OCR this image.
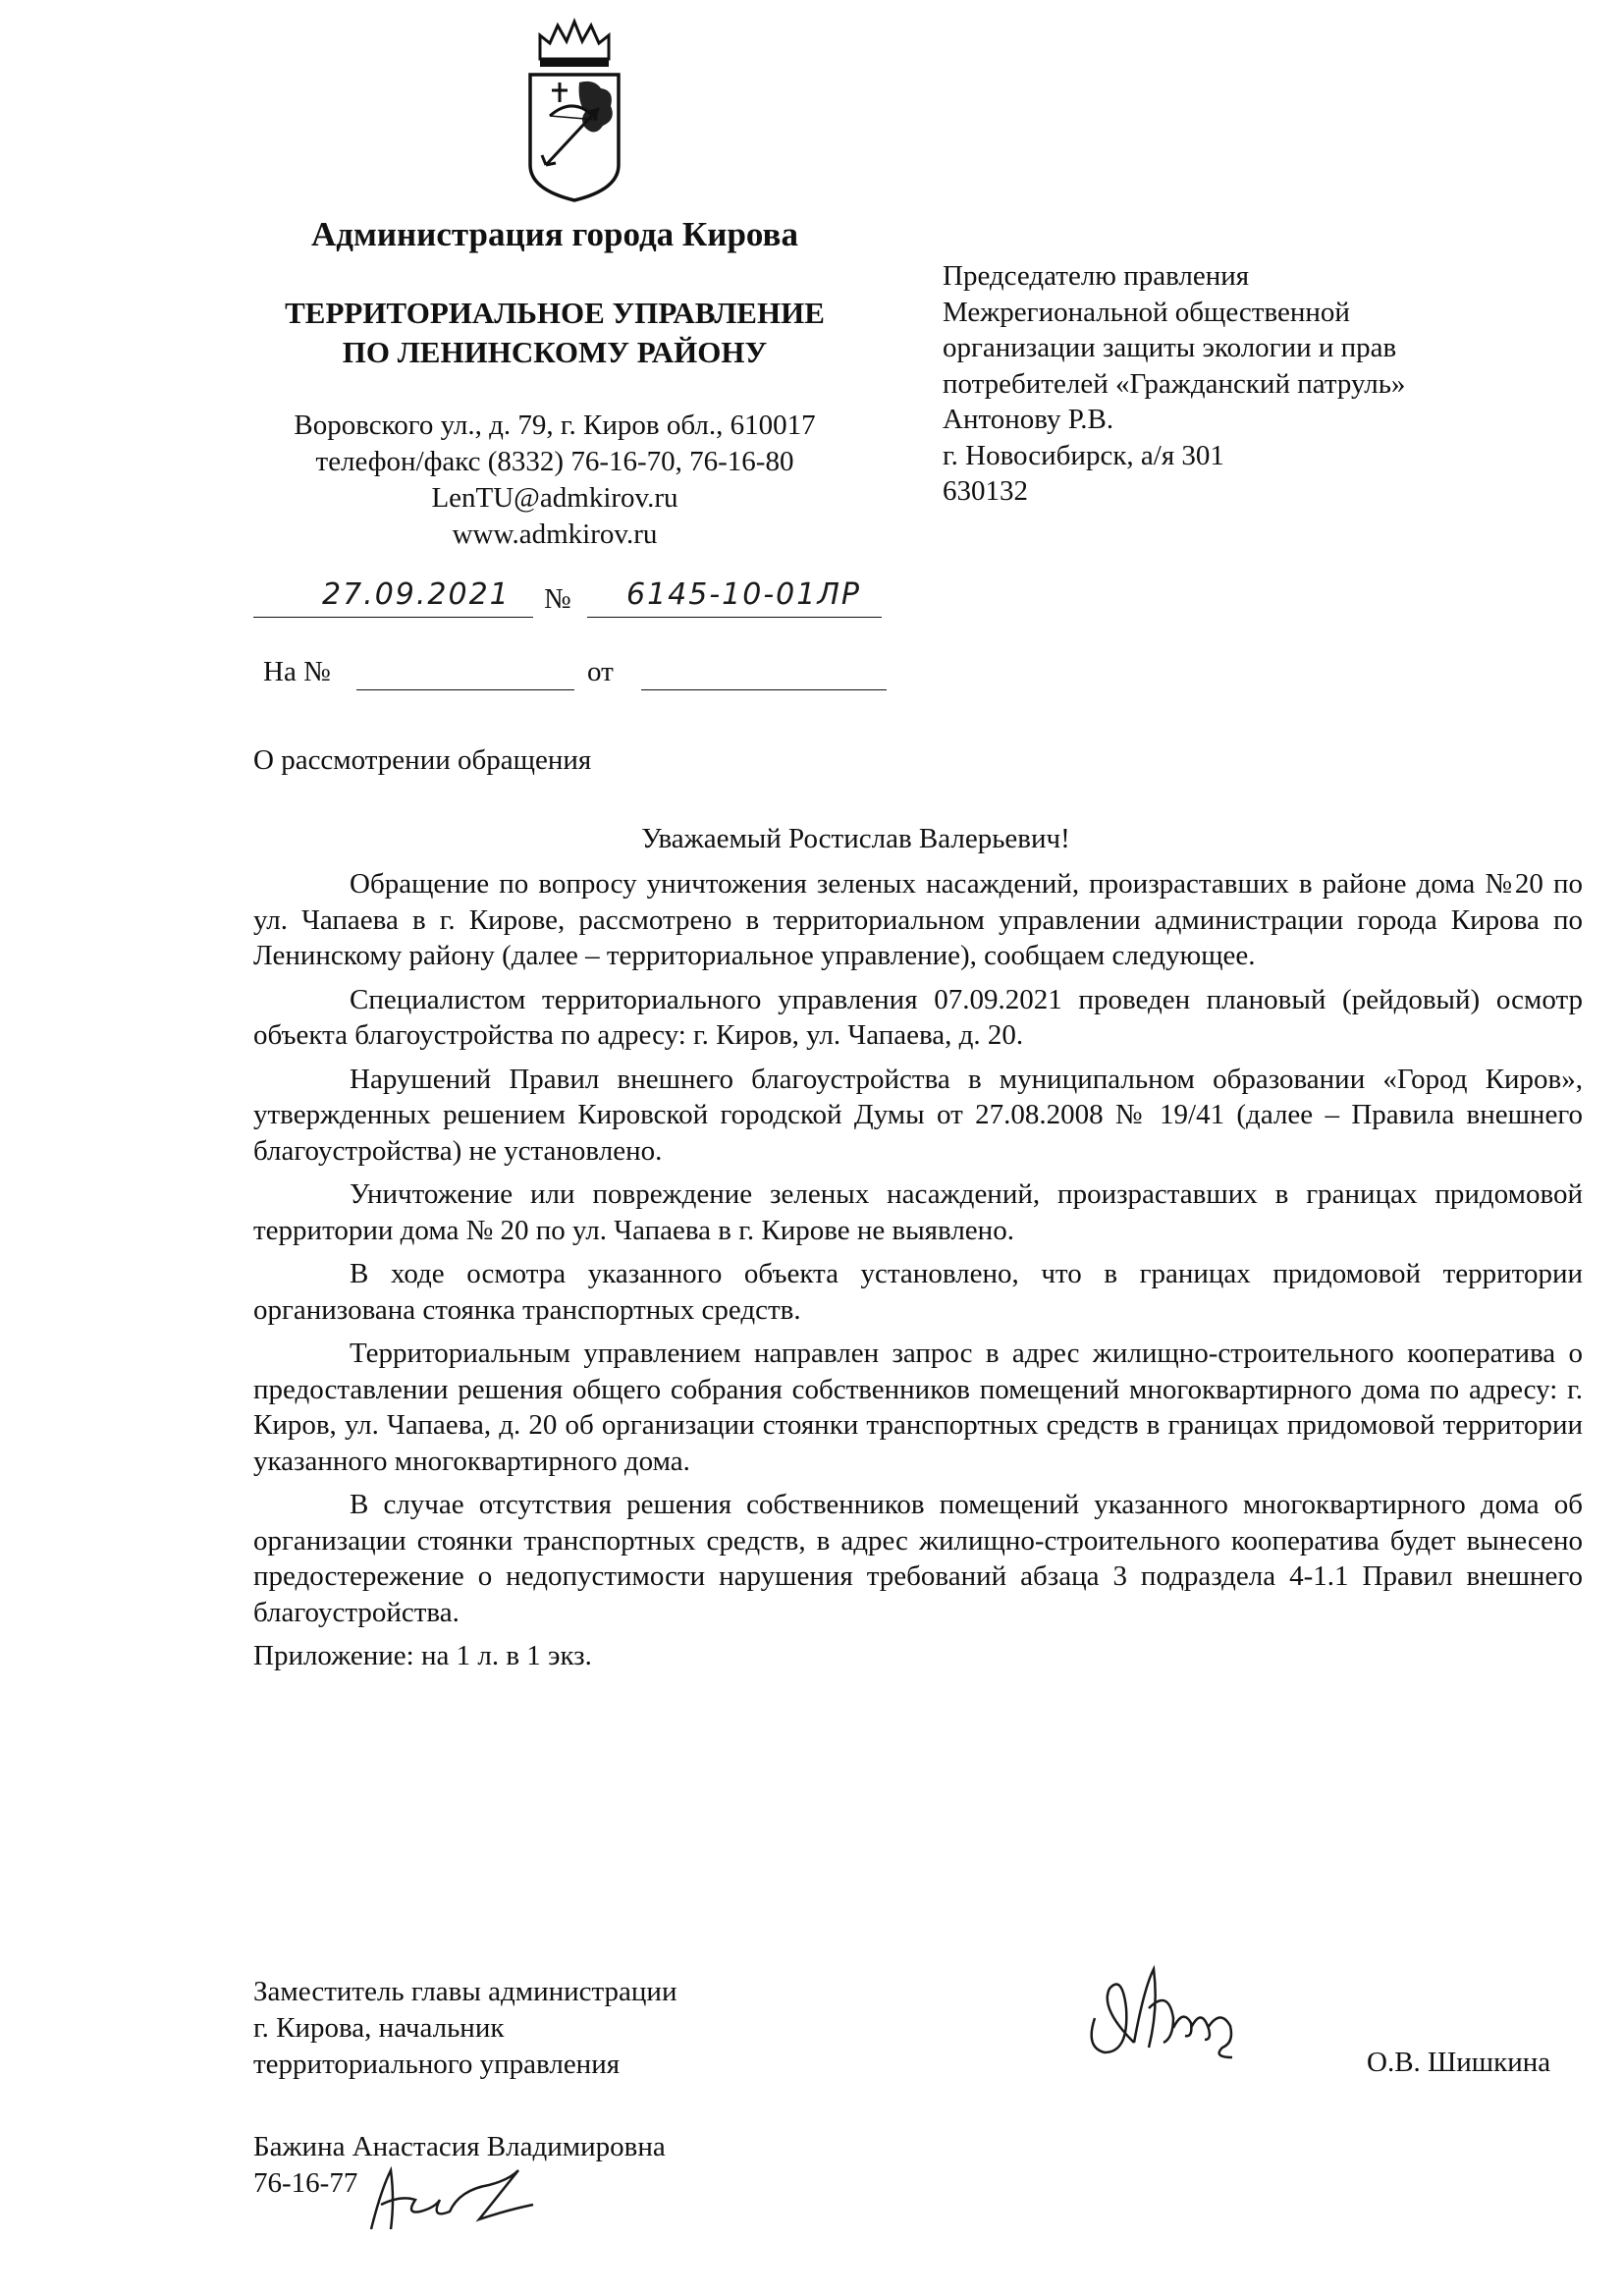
Администрация города Кирова
ТЕРРИТОРИАЛЬНОЕ УПРАВЛЕНИЕ
ПО ЛЕНИНСКОМУ РАЙОНУ
Воровского ул., д. 79, г. Киров обл., 610017
телефон/факс (8332) 76-16-70, 76-16-80
LenTU@admkirov.ru
www.admkirov.ru
Председателю правления
Межрегиональной общественной
организации защиты экологии и прав
потребителей «Гражданский патруль»
Антонову Р.В.
г. Новосибирск, а/я 301
630132
27.09.2021 № 6145-10-01ЛР
На №	от
О рассмотрении обращения
Уважаемый Ростислав Валерьевич!

Обращение по вопросу уничтожения зеленых насаждений, произраставших в районе дома №20 по ул. Чапаева в г. Кирове, рассмотрено в территориальном управлении администрации города Кирова по Ленинскому району (далее – территориальное управление), сообщаем следующее.

Специалистом территориального управления 07.09.2021 проведен плановый (рейдовый) осмотр объекта благоустройства по адресу: г. Киров, ул. Чапаева, д. 20.

Нарушений Правил внешнего благоустройства в муниципальном образовании «Город Киров», утвержденных решением Кировской городской Думы от 27.08.2008 № 19/41 (далее – Правила внешнего благоустройства) не установлено.

Уничтожение или повреждение зеленых насаждений, произраставших в границах придомовой территории дома № 20 по ул. Чапаева в г. Кирове не выявлено.

В ходе осмотра указанного объекта установлено, что в границах придомовой территории организована стоянка транспортных средств.

Территориальным управлением направлен запрос в адрес жилищно-строительного кооператива о предоставлении решения общего собрания собственников помещений многоквартирного дома по адресу: г. Киров, ул. Чапаева, д. 20 об организации стоянки транспортных средств в границах придомовой территории указанного многоквартирного дома.

В случае отсутствия решения собственников помещений указанного многоквартирного дома об организации стоянки транспортных средств, в адрес жилищно-строительного кооператива будет вынесено предостережение о недопустимости нарушения требований абзаца 3 подраздела 4-1.1 Правил внешнего благоустройства.

Приложение: на 1 л. в 1 экз.

Заместитель главы администрации
г. Кирова, начальник
территориального управления	О.В. Шишкина
Бажина Анастасия Владимировна
76-16-77
